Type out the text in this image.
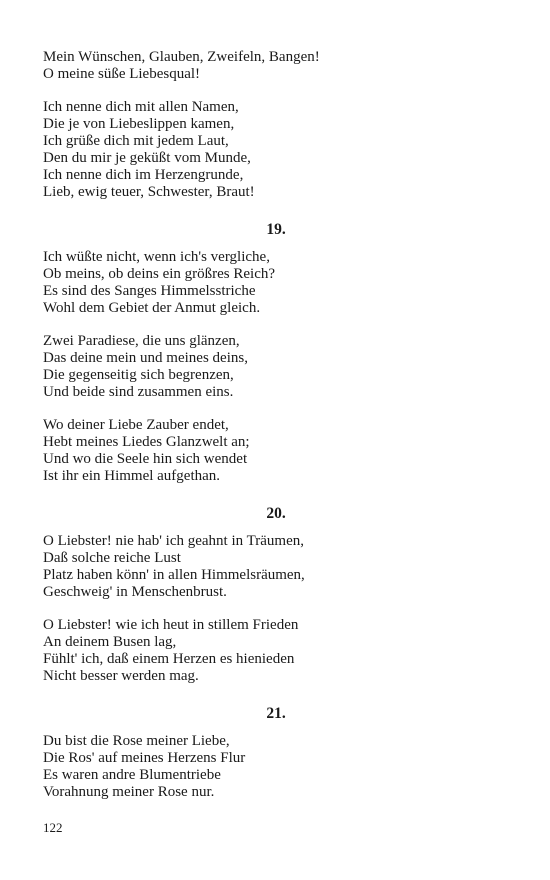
Mein Wünschen, Glauben, Zweifeln, Bangen!
O meine süße Liebesqual!
Ich nenne dich mit allen Namen,
Die je von Liebeslippen kamen,
Ich grüße dich mit jedem Laut,
Den du mir je geküßt vom Munde,
Ich nenne dich im Herzengrunde,
Lieb, ewig teuer, Schwester, Braut!
19.
Ich wüßte nicht, wenn ich's vergliche,
Ob meins, ob deins ein größres Reich?
Es sind des Sanges Himmelsstriche
Wohl dem Gebiet der Anmut gleich.
Zwei Paradiese, die uns glänzen,
Das deine mein und meines deins,
Die gegenseitig sich begrenzen,
Und beide sind zusammen eins.
Wo deiner Liebe Zauber endet,
Hebt meines Liedes Glanzwelt an;
Und wo die Seele hin sich wendet
Ist ihr ein Himmel aufgethan.
20.
O Liebster! nie hab' ich geahnt in Träumen,
Daß solche reiche Lust
Platz haben könn' in allen Himmelsräumen,
Geschweig' in Menschenbrust.
O Liebster! wie ich heut in stillem Frieden
An deinem Busen lag,
Fühlt' ich, daß einem Herzen es hienieden
Nicht besser werden mag.
21.
Du bist die Rose meiner Liebe,
Die Ros' auf meines Herzens Flur
Es waren andre Blumentriebe
Vorahnung meiner Rose nur.
122
